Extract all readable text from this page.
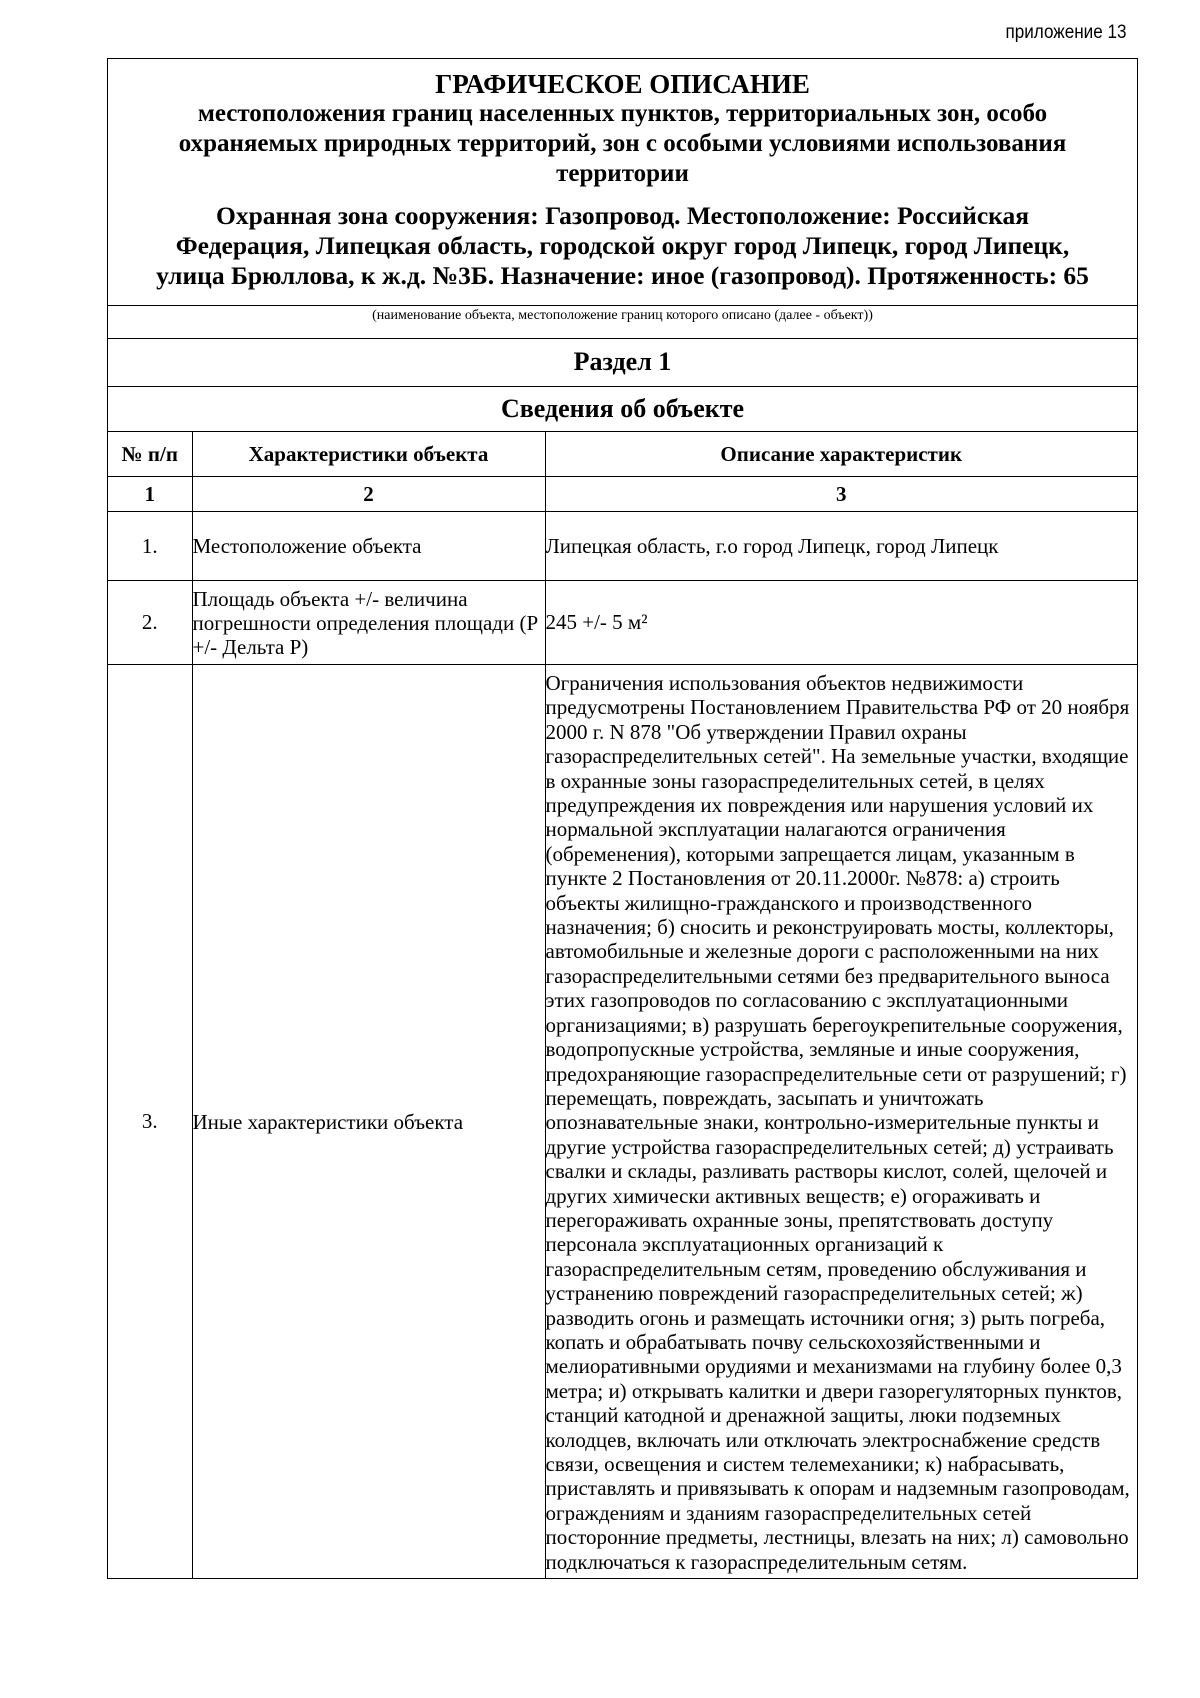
приложение 13
ГРАФИЧЕСКОЕ ОПИСАНИЕ
местоположения границ населенных пунктов, территориальных зон, особо охраняемых природных территорий, зон с особыми условиями использования территории
Охранная зона сооружения: Газопровод. Местоположение: Российская
Федерация, Липецкая область, городской округ город Липецк, город Липецк,
улица Брюллова, к ж.д. №3Б. Назначение: иное (газопровод). Протяженность: 65
(наименование объекта, местоположение границ которого описано (далее - объект))
Раздел 1
Сведения об объекте
№ п/п	Характеристики объекта	Описание характеристик
1	2	3
1.	Местоположение объекта	Липецкая область, г.о город Липецк, город Липецк
2.	Площадь объекта +/- величина погрешности определения площади (P +/- Дельта P)	245 +/- 5 м²
3.	Иные характеристики объекта	Ограничения использования объектов недвижимости предусмотрены Постановлением Правительства РФ от 20 ноября 2000 г. N 878 "Об утверждении Правил охраны газораспределительных сетей". На земельные участки, входящие в охранные зоны газораспределительных сетей, в целях предупреждения их повреждения или нарушения условий их нормальной эксплуатации налагаются ограничения (обременения), которыми запрещается лицам, указанным в пункте 2 Постановления от 20.11.2000г. №878: а) строить объекты жилищно-гражданского и производственного назначения; б) сносить и реконструировать мосты, коллекторы, автомобильные и железные дороги с расположенными на них газораспределительными сетями без предварительного выноса этих газопроводов по согласованию с эксплуатационными организациями; в) разрушать берегоукрепительные сооружения, водопропускные устройства, земляные и иные сооружения, предохраняющие газораспределительные сети от разрушений; г) перемещать, повреждать, засыпать и уничтожать опознавательные знаки, контрольно-измерительные пункты и другие устройства газораспределительных сетей; д) устраивать свалки и склады, разливать растворы кислот, солей, щелочей и других химически активных веществ; е) огораживать и перегораживать охранные зоны, препятствовать доступу персонала эксплуатационных организаций к газораспределительным сетям, проведению обслуживания и устранению повреждений газораспределительных сетей; ж) разводить огонь и размещать источники огня; з) рыть погреба, копать и обрабатывать почву сельскохозяйственными и мелиоративными орудиями и механизмами на глубину более 0,3 метра; и) открывать калитки и двери газорегуляторных пунктов, станций катодной и дренажной защиты, люки подземных колодцев, включать или отключать электроснабжение средств связи, освещения и систем телемеханики; к) набрасывать, приставлять и привязывать к опорам и надземным газопроводам, ограждениям и зданиям газораспределительных сетей посторонние предметы, лестницы, влезать на них; л) самовольно подключаться к газораспределительным сетям.
